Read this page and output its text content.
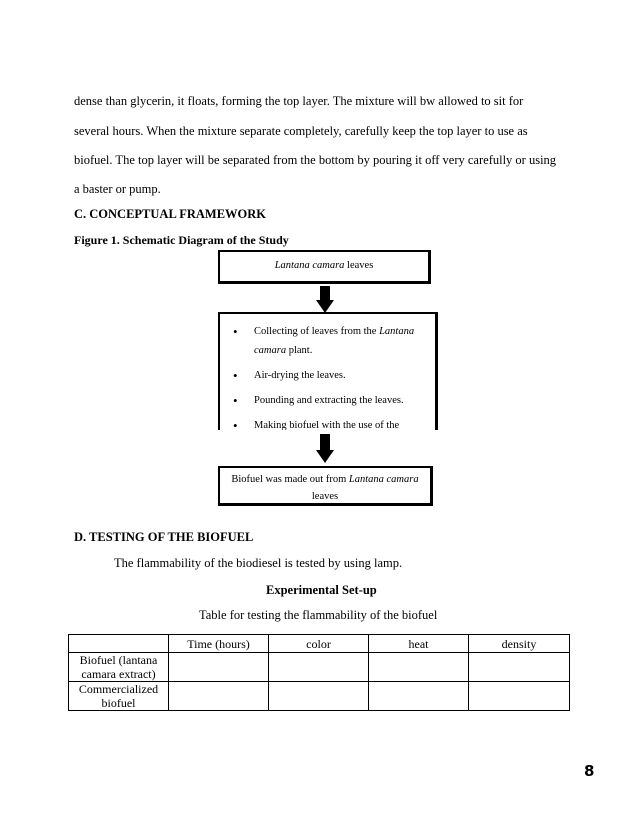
dense than glycerin, it floats, forming the top layer. The mixture will bw allowed to sit for
several hours. When the mixture separate completely, carefully keep the top layer to use as
biofuel. The top layer will be separated from the bottom by pouring it off very carefully or using
a baster or pump.
C. CONCEPTUAL FRAMEWORK
Figure 1. Schematic Diagram of the Study
Lantana camara leaves
• Collecting of leaves from the Lantana camara plant.
• Air-drying the leaves.
• Pounding and extracting the leaves.
• Making biofuel with the use of the
Biofuel was made out from Lantana camara leaves
D. TESTING OF THE BIOFUEL
The flammability of the biodiesel is tested by using lamp.
Experimental Set-up
Table for testing the flammability of the biofuel
	Time (hours)	color	heat	density
Biofuel (lantana camara extract)				
Commercialized biofuel				
8
